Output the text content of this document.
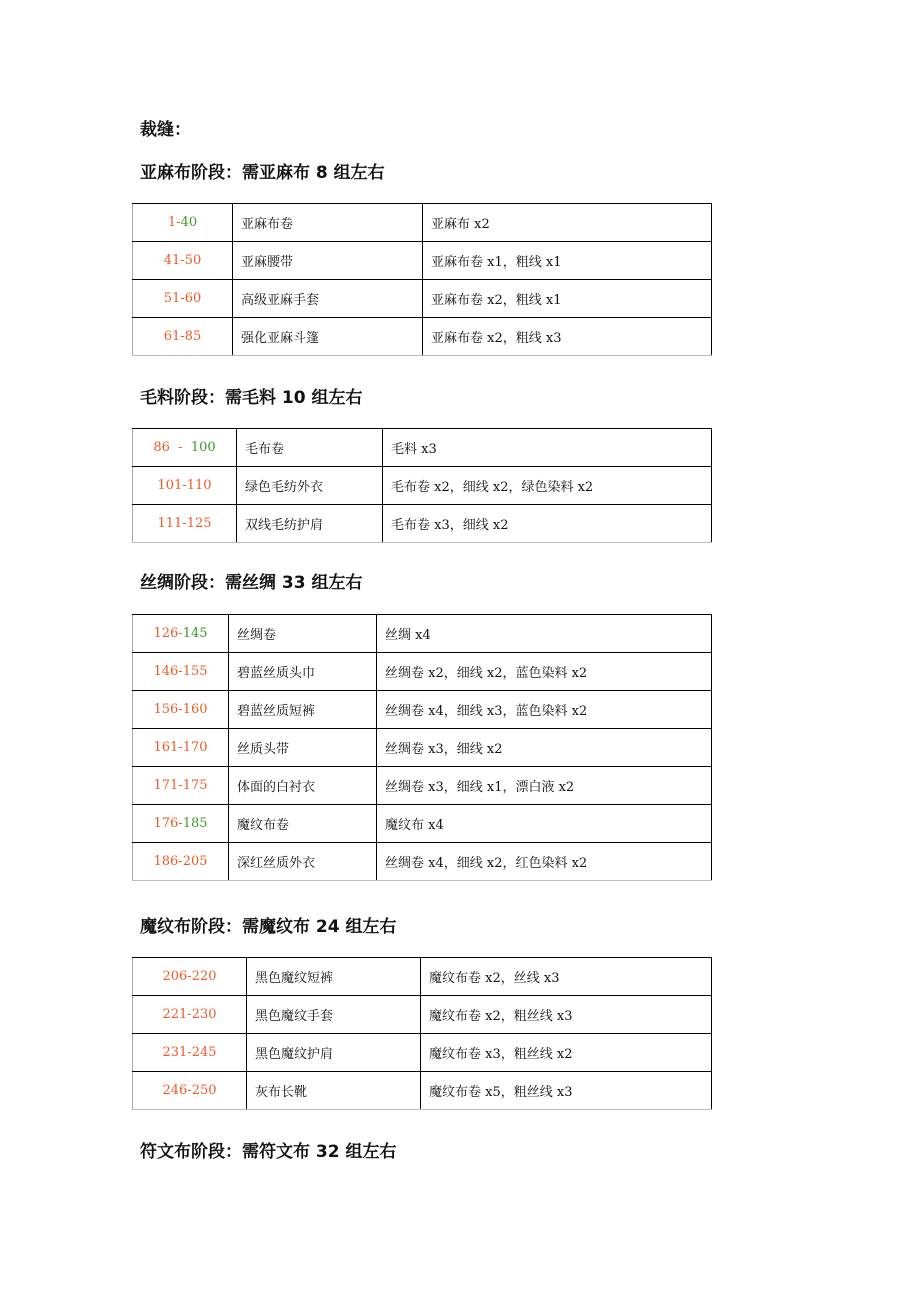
裁缝：
亚麻布阶段：需亚麻布 8 组左右
1-40	亚麻布卷	亚麻布 x2
41-50	亚麻腰带	亚麻布卷 x1，粗线 x1
51-60	高级亚麻手套	亚麻布卷 x2，粗线 x1
61-85	强化亚麻斗篷	亚麻布卷 x2，粗线 x3
毛料阶段：需毛料 10 组左右
86  -  100	毛布卷	毛料 x3
101-110	绿色毛纺外衣	毛布卷 x2，细线 x2，绿色染料 x2
111-125	双线毛纺护肩	毛布卷 x3，细线 x2
丝绸阶段：需丝绸 33 组左右
126-145	丝绸卷	丝绸 x4
146-155	碧蓝丝质头巾	丝绸卷 x2，细线 x2，蓝色染料 x2
156-160	碧蓝丝质短裤	丝绸卷 x4，细线 x3，蓝色染料 x2
161-170	丝质头带	丝绸卷 x3，细线 x2
171-175	体面的白衬衣	丝绸卷 x3，细线 x1，漂白液 x2
176-185	魔纹布卷	魔纹布 x4
186-205	深红丝质外衣	丝绸卷 x4，细线 x2，红色染料 x2
魔纹布阶段：需魔纹布 24 组左右
206-220	黑色魔纹短裤	魔纹布卷 x2，丝线 x3
221-230	黑色魔纹手套	魔纹布卷 x2，粗丝线 x3
231-245	黑色魔纹护肩	魔纹布卷 x3，粗丝线 x2
246-250	灰布长靴	魔纹布卷 x5，粗丝线 x3
符文布阶段：需符文布 32 组左右
